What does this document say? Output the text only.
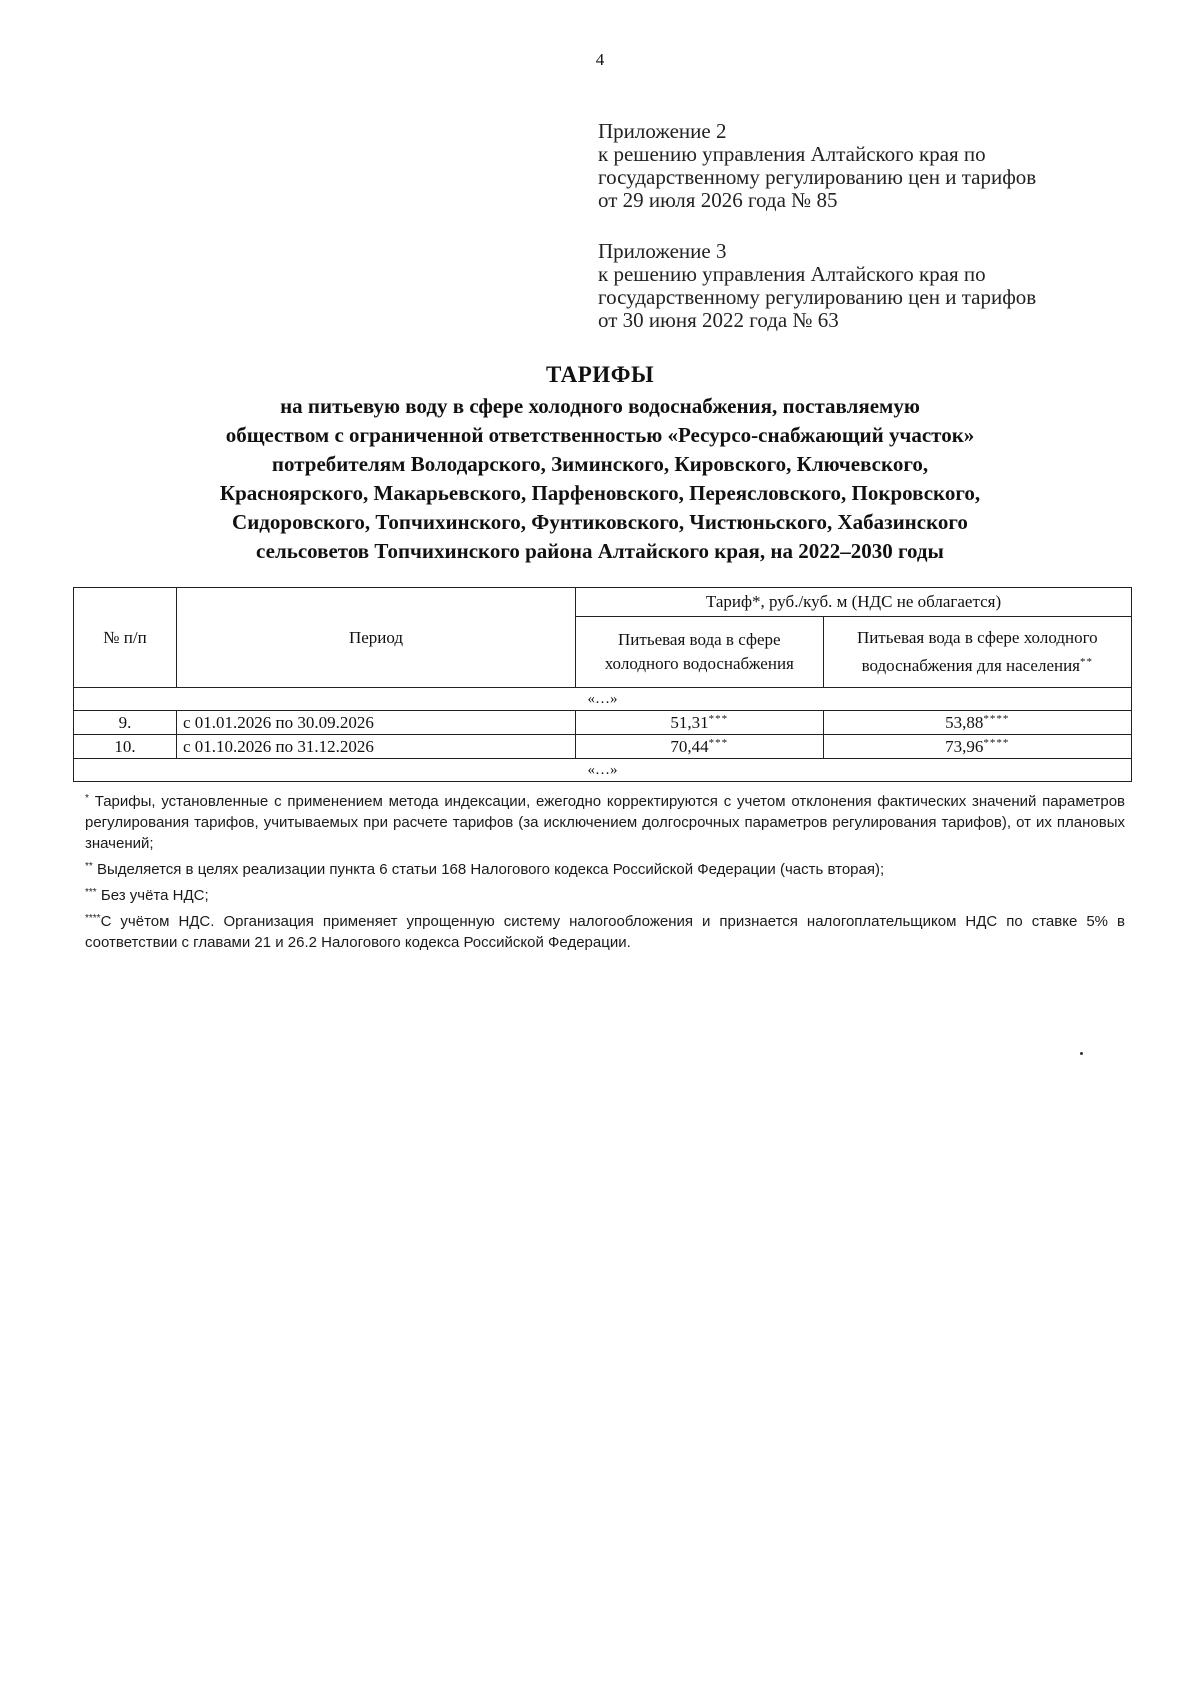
4
Приложение 2
к решению управления Алтайского края по
государственному регулированию цен и тарифов
от 29 июля 2026 года № 85
Приложение 3
к решению управления Алтайского края по
государственному регулированию цен и тарифов
от 30 июня 2022 года № 63
ТАРИФЫ
на питьевую воду в сфере холодного водоснабжения, поставляемую
обществом с ограниченной ответственностью «Ресурсо-снабжающий участок»
потребителям Володарского, Зиминского, Кировского, Ключевского,
Красноярского, Макарьевского, Парфеновского, Переясловского, Покровского,
Сидоровского, Топчихинского, Фунтиковского, Чистюньского, Хабазинского
сельсоветов Топчихинского района Алтайского края, на 2022–2030 годы
№ п/п	Период	Тариф*, руб./куб. м (НДС не облагается)	
		Питьевая вода в сфере холодного водоснабжения	Питьевая вода в сфере холодного водоснабжения для населения**
«…»			
9.	с 01.01.2026 по 30.09.2026	51,31***	53,88****
10.	с 01.10.2026 по 31.12.2026	70,44***	73,96****
«…»			

* Тарифы, установленные с применением метода индексации, ежегодно корректируются с учетом отклонения фактических значений параметров регулирования тарифов, учитываемых при расчете тарифов (за исключением долгосрочных параметров регулирования тарифов), от их плановых значений;

** Выделяется в целях реализации пункта 6 статьи 168 Налогового кодекса Российской Федерации (часть вторая);

*** Без учёта НДС;

****С учётом НДС. Организация применяет упрощенную систему налогообложения и признается налогоплательщиком НДС по ставке 5% в соответствии с главами 21 и 26.2 Налогового кодекса Российской Федерации.
